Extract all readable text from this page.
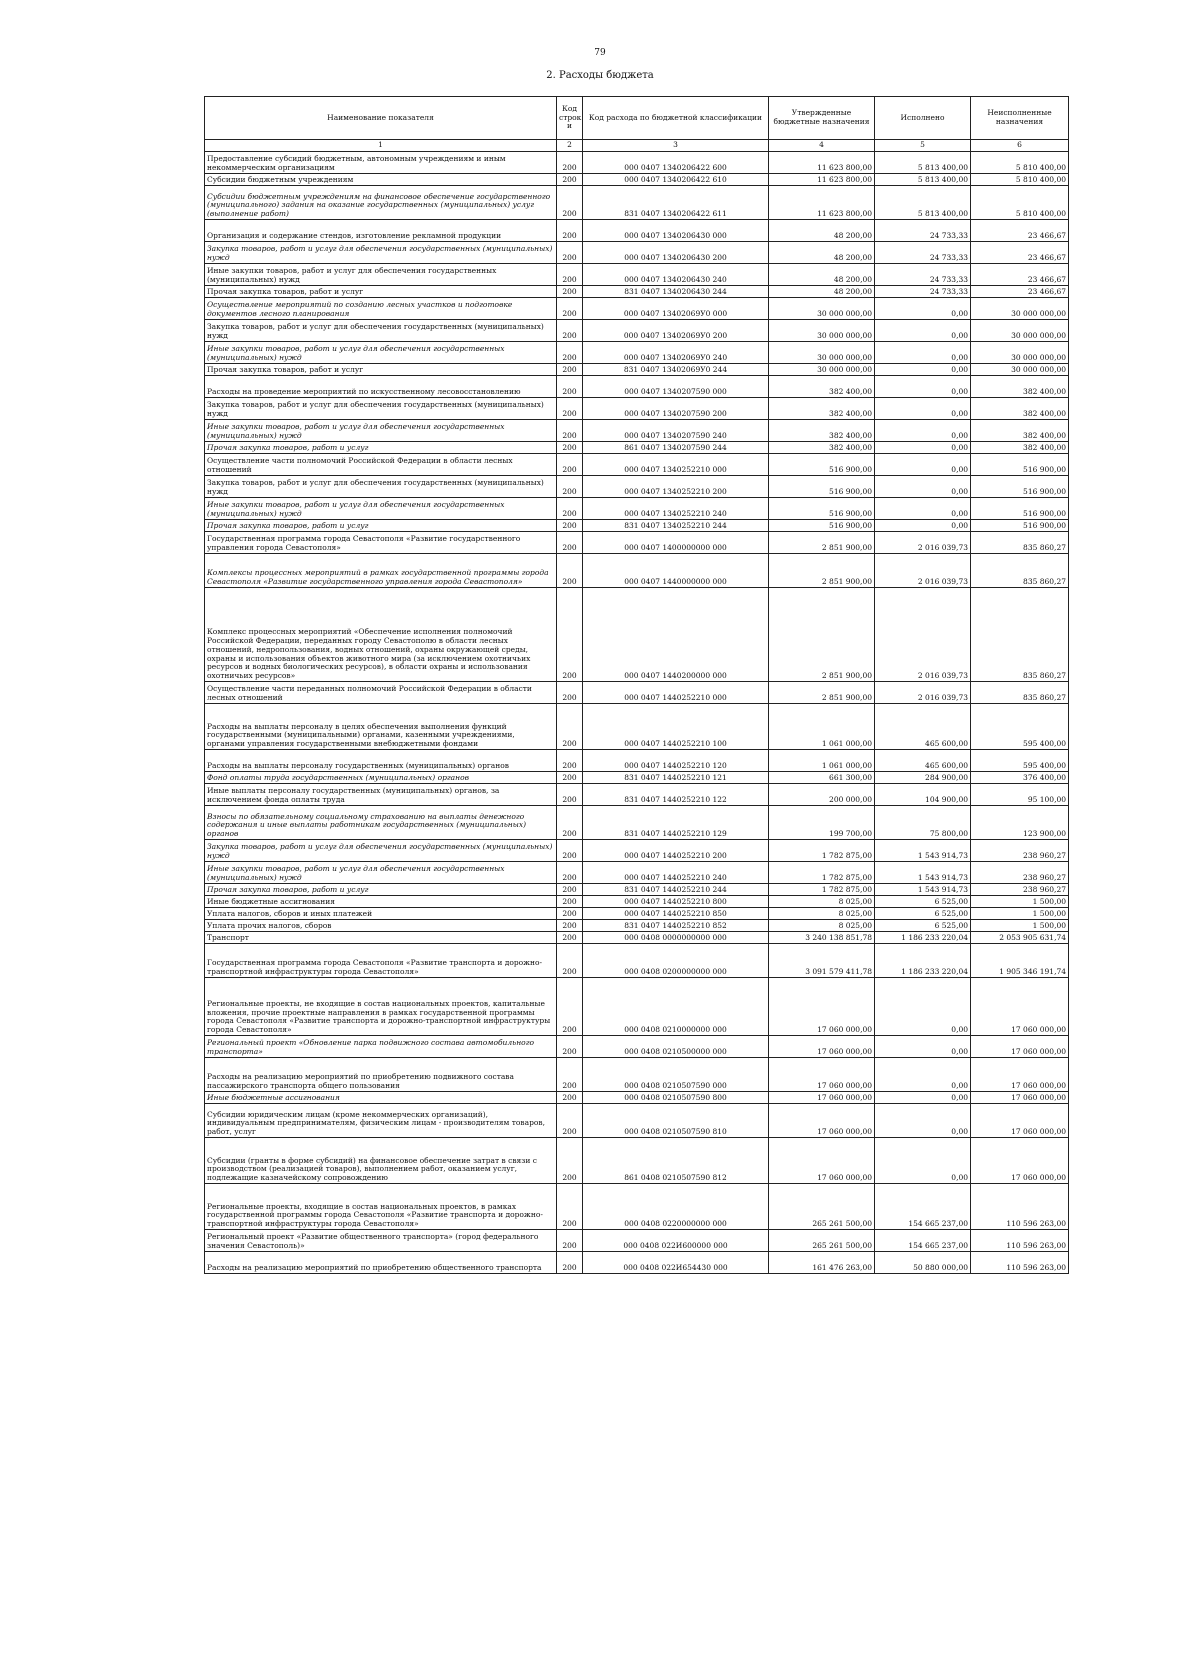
79
2. Расходы бюджета
Наименование показателя	Код строк и	Код расхода по бюджетной классификации	Утвержденные бюджетные назначения	Исполнено	Неисполненные назначения
1	2	3	4	5	6
Предоставление субсидий бюджетным, автономным учреждениям и иным некоммерческим организациям	200	000 0407 1340206422 600	11 623 800,00	5 813 400,00	5 810 400,00
Субсидии бюджетным учреждениям	200	000 0407 1340206422 610	11 623 800,00	5 813 400,00	5 810 400,00
Субсидии бюджетным учреждениям на финансовое обеспечение государственного (муниципального) задания на оказание государственных (муниципальных) услуг (выполнение работ)	200	831 0407 1340206422 611	11 623 800,00	5 813 400,00	5 810 400,00
Организация и содержание стендов, изготовление рекламной продукции	200	000 0407 1340206430 000	48 200,00	24 733,33	23 466,67
Закупка товаров, работ и услуг для обеспечения государственных (муниципальных) нужд	200	000 0407 1340206430 200	48 200,00	24 733,33	23 466,67
Иные закупки товаров, работ и услуг для обеспечения государственных (муниципальных) нужд	200	000 0407 1340206430 240	48 200,00	24 733,33	23 466,67
Прочая закупка товаров, работ и услуг	200	831 0407 1340206430 244	48 200,00	24 733,33	23 466,67
Осуществление мероприятий по созданию лесных участков и подготовке документов лесного планирования	200	000 0407 13402069У0 000	30 000 000,00	0,00	30 000 000,00
Закупка товаров, работ и услуг для обеспечения государственных (муниципальных) нужд	200	000 0407 13402069У0 200	30 000 000,00	0,00	30 000 000,00
Иные закупки товаров, работ и услуг для обеспечения государственных (муниципальных) нужд	200	000 0407 13402069У0 240	30 000 000,00	0,00	30 000 000,00
Прочая закупка товаров, работ и услуг	200	831 0407 13402069У0 244	30 000 000,00	0,00	30 000 000,00
Расходы на проведение мероприятий по искусственному лесовосстановлению	200	000 0407 1340207590 000	382 400,00	0,00	382 400,00
Закупка товаров, работ и услуг для обеспечения государственных (муниципальных) нужд	200	000 0407 1340207590 200	382 400,00	0,00	382 400,00
Иные закупки товаров, работ и услуг для обеспечения государственных (муниципальных) нужд	200	000 0407 1340207590 240	382 400,00	0,00	382 400,00
Прочая закупка товаров, работ и услуг	200	861 0407 1340207590 244	382 400,00	0,00	382 400,00
Осуществление части полномочий Российской Федерации в области лесных отношений	200	000 0407 1340252210 000	516 900,00	0,00	516 900,00
Закупка товаров, работ и услуг для обеспечения государственных (муниципальных) нужд	200	000 0407 1340252210 200	516 900,00	0,00	516 900,00
Иные закупки товаров, работ и услуг для обеспечения государственных (муниципальных) нужд	200	000 0407 1340252210 240	516 900,00	0,00	516 900,00
Прочая закупка товаров, работ и услуг	200	831 0407 1340252210 244	516 900,00	0,00	516 900,00
Государственная программа города Севастополя «Развитие государственного управления города Севастополя»	200	000 0407 1400000000 000	2 851 900,00	2 016 039,73	835 860,27
Комплексы процессных мероприятий в рамках государственной программы города Севастополя «Развитие государственного управления города Севастополя»	200	000 0407 1440000000 000	2 851 900,00	2 016 039,73	835 860,27
Комплекс процессных мероприятий «Обеспечение исполнения полномочий Российской Федерации, переданных городу Севастополю в области лесных отношений, недропользования, водных отношений, охраны окружающей среды, охраны и использования объектов животного мира (за исключением охотничьих ресурсов и водных биологических ресурсов), в области охраны и использования охотничьих ресурсов»	200	000 0407 1440200000 000	2 851 900,00	2 016 039,73	835 860,27
Осуществление части переданных полномочий Российской Федерации в области лесных отношений	200	000 0407 1440252210 000	2 851 900,00	2 016 039,73	835 860,27
Расходы на выплаты персоналу в целях обеспечения выполнения функций государственными (муниципальными) органами, казенными учреждениями, органами управления государственными внебюджетными фондами	200	000 0407 1440252210 100	1 061 000,00	465 600,00	595 400,00
Расходы на выплаты персоналу государственных (муниципальных) органов	200	000 0407 1440252210 120	1 061 000,00	465 600,00	595 400,00
Фонд оплаты труда государственных (муниципальных) органов	200	831 0407 1440252210 121	661 300,00	284 900,00	376 400,00
Иные выплаты персоналу государственных (муниципальных) органов, за исключением фонда оплаты труда	200	831 0407 1440252210 122	200 000,00	104 900,00	95 100,00
Взносы по обязательному социальному страхованию на выплаты денежного содержания и иные выплаты работникам государственных (муниципальных) органов	200	831 0407 1440252210 129	199 700,00	75 800,00	123 900,00
Закупка товаров, работ и услуг для обеспечения государственных (муниципальных) нужд	200	000 0407 1440252210 200	1 782 875,00	1 543 914,73	238 960,27
Иные закупки товаров, работ и услуг для обеспечения государственных (муниципальных) нужд	200	000 0407 1440252210 240	1 782 875,00	1 543 914,73	238 960,27
Прочая закупка товаров, работ и услуг	200	831 0407 1440252210 244	1 782 875,00	1 543 914,73	238 960,27
Иные бюджетные ассигнования	200	000 0407 1440252210 800	8 025,00	6 525,00	1 500,00
Уплата налогов, сборов и иных платежей	200	000 0407 1440252210 850	8 025,00	6 525,00	1 500,00
Уплата прочих налогов, сборов	200	831 0407 1440252210 852	8 025,00	6 525,00	1 500,00
Транспорт	200	000 0408 0000000000 000	3 240 138 851,78	1 186 233 220,04	2 053 905 631,74
Государственная программа города Севастополя «Развитие транспорта и дорожно-транспортной инфраструктуры города Севастополя»	200	000 0408 0200000000 000	3 091 579 411,78	1 186 233 220,04	1 905 346 191,74
Региональные проекты, не входящие в состав национальных проектов, капитальные вложения, прочие проектные направления в рамках государственной программы города Севастополя «Развитие транспорта и дорожно-транспортной инфраструктуры города Севастополя»	200	000 0408 0210000000 000	17 060 000,00	0,00	17 060 000,00
Региональный проект «Обновление парка подвижного состава автомобильного транспорта»	200	000 0408 0210500000 000	17 060 000,00	0,00	17 060 000,00
Расходы на реализацию мероприятий по приобретению подвижного состава пассажирского транспорта общего пользования	200	000 0408 0210507590 000	17 060 000,00	0,00	17 060 000,00
Иные бюджетные ассигнования	200	000 0408 0210507590 800	17 060 000,00	0,00	17 060 000,00
Субсидии юридическим лицам (кроме некоммерческих организаций), индивидуальным предпринимателям, физическим лицам - производителям товаров, работ, услуг	200	000 0408 0210507590 810	17 060 000,00	0,00	17 060 000,00
Субсидии (гранты в форме субсидий) на финансовое обеспечение затрат в связи с производством (реализацией товаров), выполнением работ, оказанием услуг, подлежащие казначейскому сопровождению	200	861 0408 0210507590 812	17 060 000,00	0,00	17 060 000,00
Региональные проекты, входящие в состав национальных проектов, в рамках государственной программы города Севастополя «Развитие транспорта и дорожно-транспортной инфраструктуры города Севастополя»	200	000 0408 0220000000 000	265 261 500,00	154 665 237,00	110 596 263,00
Региональный проект «Развитие общественного транспорта» (город федерального значения Севастополь)»	200	000 0408 022И600000 000	265 261 500,00	154 665 237,00	110 596 263,00
Расходы на реализацию мероприятий по приобретению общественного транспорта	200	000 0408 022И654430 000	161 476 263,00	50 880 000,00	110 596 263,00
